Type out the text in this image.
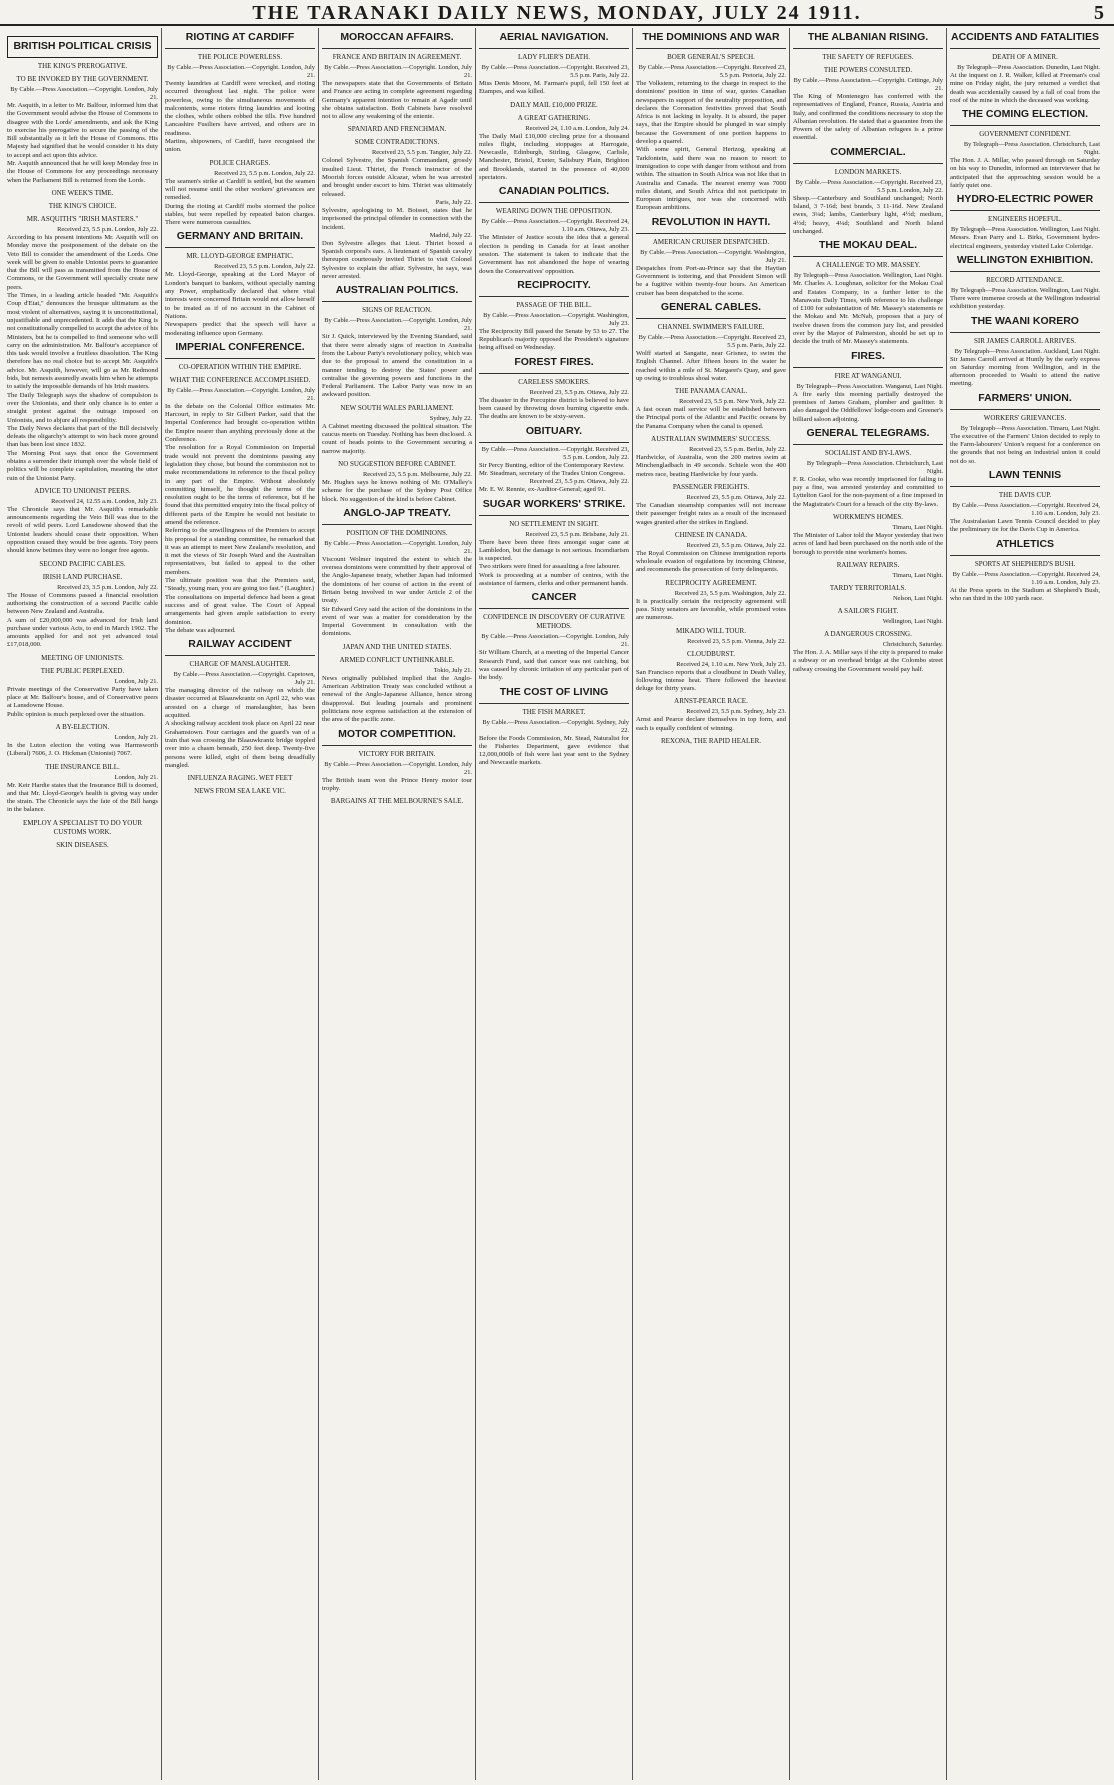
THE TARANAKI DAILY NEWS, MONDAY, JULY 24 1911.	5
BRITISH POLITICAL CRISIS
THE KING'S PREROGATIVE.
TO BE INVOKED BY THE GOVERNMENT.
By Cable.—Press Association.—Copyright. London, July 21.

Mr. Asquith, in a letter to Mr. Balfour, informed him that the Government would advise the House of Commons to disagree with the Lords' amendments, and ask the King to exercise his prerogative to secure the passing of the Bill substantially as it left the House of Commons. His Majesty had signified that he would consider it his duty to accept and act upon this advice.

Mr. Asquith announced that he will keep Monday free in the House of Commons for any proceedings necessary when the Parliament Bill is returned from the Lords.

ONE WEEK'S TIME.
THE KING'S CHOICE.
MR. ASQUITH'S "IRISH MASTERS."
Received 23, 5.5 p.m. London, July 22.

According to his present intentions Mr. Asquith will on Monday move the postponement of the debate on the Veto Bill to consider the amendment of the Lords. One week will be given to enable Unionist peers to guarantee that the Bill will pass as transmitted from the House of Commons, or the Government will specially create new peers.

The Times, in a leading article headed "Mr. Asquith's Coup d'Etat," denounces the brusque ultimatum as the most violent of alternatives, saying it is unconstitutional, unjustifiable and unprecedented. It adds that the King is not constitutionally compelled to accept the advice of his Ministers, but he is compelled to find someone who will carry on the administration. Mr. Balfour's acceptance of this task would involve a fruitless dissolution. The King therefore has no real choice but to accept Mr. Asquith's advice. Mr. Asquith, however, will go as Mr. Redmond bids, but nemesis assuredly awaits him when he attempts to satisfy the impossible demands of his Irish masters.

The Daily Telegraph says the shadow of compulsion is over the Unionists, and their only chance is to enter a straight protest against the outrage imposed on Unionists, and to abjure all responsibility.

The Daily News declares that part of the Bill decisively defeats the oligarchy's attempt to win back more ground than has been lost since 1832.

The Morning Post says that once the Government obtains a surrender their triumph over the whole field of politics will be complete capitulation, meaning the utter ruin of the Unionist Party.

ADVICE TO UNIONIST PEERS.
Received 24, 12.55 a.m. London, July 23.

The Chronicle says that Mr. Asquith's remarkable announcements regarding the Veto Bill was due to the revolt of wild peers. Lord Lansdowne showed that the Unionist leaders should cease their opposition. When opposition ceased they would be free agents. Tory peers should know betimes they were no longer free agents.

SECOND PACIFIC CABLES.
IRISH LAND PURCHASE.
Received 23, 3.5 p.m. London, July 22.

The House of Commons passed a financial resolution authorising the construction of a second Pacific cable between New Zealand and Australia.

A sum of £20,000,000 was advanced for Irish land purchase under various Acts, to end in March 1902. The amounts applied for and not yet advanced total £17,018,000.

MEETING OF UNIONISTS.
THE PUBLIC PERPLEXED.
London, July 21.

Private meetings of the Conservative Party have taken place at Mr. Balfour's house, and of Conservative peers at Lansdowne House.

Public opinion is much perplexed over the situation.

A BY-ELECTION.
London, July 21.

In the Luton election the voting was Harmsworth (Liberal) 7606, J. O. Hickman (Unionist) 7067.

THE INSURANCE BILL.
London, July 21.

Mr. Keir Hardie states that the Insurance Bill is doomed, and that Mr. Lloyd-George's health is giving way under the strain. The Chronicle says the fate of the Bill hangs in the balance.

EMPLOY A SPECIALIST TO DO YOUR CUSTOMS WORK.
SKIN DISEASES.
RIOTING AT CARDIFF
THE POLICE POWERLESS.
By Cable.—Press Association.—Copyright. London, July 21.

Twenty laundries at Cardiff were wrecked, and rioting occurred throughout last night. The police were powerless, owing to the simultaneous movements of malcontents, some rioters firing laundries and looting the clothes, while others robbed the tills. Five hundred Lancashire Fusiliers have arrived, and others are in readiness.

Martins, shipowners, of Cardiff, have recognised the union.

POLICE CHARGES.
Received 23, 5.5 p.m. London, July 22.

The seamen's strike at Cardiff is settled, but the seamen will not resume until the other workers' grievances are remedied.

During the rioting at Cardiff mobs stormed the police stables, but were repelled by repeated baton charges. There were numerous casualties.

GERMANY AND BRITAIN.
MR. LLOYD-GEORGE EMPHATIC.
Received 23, 5.5 p.m. London, July 22.

Mr. Lloyd-George, speaking at the Lord Mayor of London's banquet to bankers, without specially naming any Power, emphatically declared that where vital interests were concerned Britain would not allow herself to be treated as if of no account in the Cabinet of Nations.

Newspapers predict that the speech will have a moderating influence upon Germany.

IMPERIAL CONFERENCE.
CO-OPERATION WITHIN THE EMPIRE.
WHAT THE CONFERENCE ACCOMPLISHED.
By Cable.—Press Association.—Copyright. London, July 21.

In the debate on the Colonial Office estimates Mr. Harcourt, in reply to Sir Gilbert Parker, said that the Imperial Conference had brought co-operation within the Empire nearer than anything previously done at the Conference.

The resolution for a Royal Commission on Imperial trade would not prevent the dominions passing any legislation they chose, but bound the commission not to make recommendations in reference to the fiscal policy in any part of the Empire. Without absolutely committing himself, he thought the terms of the resolution ought to be the terms of reference, but if he found that this permitted enquiry into the fiscal policy of different parts of the Empire he would not hesitate to amend the reference.

Referring to the unwillingness of the Premiers to accept his proposal for a standing committee, he remarked that it was an attempt to meet New Zealand's resolution, and it met the views of Sir Joseph Ward and the Australian representatives, but failed to appeal to the other members.

The ultimate position was that the Premiers said, "Steady, young man, you are going too fast." (Laughter.)

The consultations on imperial defence had been a great success and of great value. The Court of Appeal arrangements had given ample satisfaction to every dominion.

The debate was adjourned.

RAILWAY ACCIDENT
CHARGE OF MANSLAUGHTER.
By Cable.—Press Association.—Copyright. Capetown, July 21.

The managing director of the railway on which the disaster occurred at Blaauwkrantz on April 22, who was arrested on a charge of manslaughter, has been acquitted.

A shocking railway accident took place on April 22 near Grahamstown. Four carriages and the guard's van of a train that was crossing the Blaauwkrantz bridge toppled over into a chasm beneath, 250 feet deep. Twenty-five persons were killed, eight of them being dreadfully mangled.

INFLUENZA RAGING. WET FEET
NEWS FROM SEA LAKE VIC.
MOROCCAN AFFAIRS.
FRANCE AND BRITAIN IN AGREEMENT.
By Cable.—Press Association.—Copyright. London, July 21.

The newspapers state that the Governments of Britain and France are acting in complete agreement regarding Germany's apparent intention to remain at Agadir until she obtains satisfaction. Both Cabinets have resolved not to allow any weakening of the entente.

SPANIARD AND FRENCHMAN.
SOME CONTRADICTIONS.
Received 23, 5.5 p.m. Tangier, July 22.

Colonel Sylvestre, the Spanish Commandant, grossly insulted Lieut. Thiriet, the French instructor of the Moorish forces outside Alcazar, when he was arrested and brought under escort to him. Thiriet was ultimately released.

Paris, July 22.

Sylvestre, apologising to M. Boisset, states that he imprisoned the principal offender in connection with the incident.

Madrid, July 22.

Don Sylvestre alleges that Lieut. Thiriet boxed a Spanish corporal's ears. A lieutenant of Spanish cavalry thereupon courteously invited Thiriet to visit Colonel Sylvestre to explain the affair. Sylvestre, he says, was never arrested.

AUSTRALIAN POLITICS.
SIGNS OF REACTION.
By Cable.—Press Association.—Copyright. London, July 21.

Sir J. Quick, interviewed by the Evening Standard, said that there were already signs of reaction in Australia from the Labour Party's revolutionary policy, which was due to the proposal to amend the constitution in a manner tending to destroy the States' power and centralise the governing powers and functions in the Federal Parliament. The Labor Party was now in an awkward position.

NEW SOUTH WALES PARLIAMENT.
Sydney, July 22.

A Cabinet meeting discussed the political situation. The caucus meets on Tuesday. Nothing has been disclosed. A count of heads points to the Government securing a narrow majority.

NO SUGGESTION BEFORE CABINET.
Received 23, 5.5 p.m. Melbourne, July 22.

Mr. Hughes says he knows nothing of Mr. O'Malley's scheme for the purchase of the Sydney Post Office block. No suggestion of the kind is before Cabinet.

ANGLO-JAP TREATY.
POSITION OF THE DOMINIONS.
By Cable.—Press Association.—Copyright. London, July 21.

Viscount Wolmer inquired the extent to which the oversea dominions were committed by their approval of the Anglo-Japanese treaty, whether Japan had informed the dominions of her course of action in the event of Britain being involved in war under Article 2 of the treaty.

Sir Edward Grey said the action of the dominions in the event of war was a matter for consideration by the Imperial Government in consultation with the dominions.

JAPAN AND THE UNITED STATES.
ARMED CONFLICT UNTHINKABLE.
Tokio, July 21.

News originally published implied that the Anglo-American Arbitration Treaty was concluded without a renewal of the Anglo-Japanese Alliance, hence strong disapproval. But leading journals and prominent politicians now express satisfaction at the extension of the area of the pacific zone.

MOTOR COMPETITION.
VICTORY FOR BRITAIN.
By Cable.—Press Association.—Copyright. London, July 21.

The British team won the Prince Henry motor tour trophy.

BARGAINS AT THE MELBOURNE'S SALE.
AERIAL NAVIGATION.
LADY FLIER'S DEATH.
By Cable.—Press Association.—Copyright. Received 23, 5.5 p.m. Paris, July 22.

Miss Denis Moore, M. Farman's pupil, fell 150 feet at Etampes, and was killed.

DAILY MAIL £10,000 PRIZE.
A GREAT GATHERING.
Received 24, 1.10 a.m. London, July 24.

The Daily Mail £10,000 circling prize for a thousand miles flight, including stoppages at Harrogate, Newcastle, Edinburgh, Stirling, Glasgow, Carlisle, Manchester, Bristol, Exeter, Salisbury Plain, Brighton and Brooklands, started in the presence of 40,000 spectators.

CANADIAN POLITICS.
WEARING DOWN THE OPPOSITION.
By Cable.—Press Association.—Copyright. Received 24, 1.10 a.m. Ottawa, July 23.

The Minister of Justice scouts the idea that a general election is pending in Canada for at least another session. The statement is taken to indicate that the Government has not abandoned the hope of wearing down the Conservatives' opposition.

RECIPROCITY.
PASSAGE OF THE BILL.
By Cable.—Press Association.—Copyright. Washington, July 23.

The Reciprocity Bill passed the Senate by 53 to 27. The Republican's majority opposed the President's signature being affixed on Wednesday.

FOREST FIRES.
CARELESS SMOKERS.
Received 23, 5.5 p.m. Ottawa, July 22.

The disaster in the Porcupine district is believed to have been caused by throwing down burning cigarette ends. The deaths are known to be sixty-seven.

OBITUARY.
By Cable.—Press Association.—Copyright. Received 23, 5.5 p.m. London, July 22.

Sir Percy Bunting, editor of the Contemporary Review.

Mr. Steadman, secretary of the Trades Union Congress.

Received 23, 5.5 p.m. Ottawa, July 22.

Mr. E. W. Rennie, ex-Auditor-General; aged 91.

SUGAR WORKERS' STRIKE.
NO SETTLEMENT IN SIGHT.
Received 23, 5.5 p.m. Brisbane, July 21.

There have been three fires amongst sugar cane at Lambledon, but the damage is not serious. Incendiarism is suspected.

Two strikers were fined for assaulting a free labourer.

Work is proceeding at a number of centres, with the assistance of farmers, clerks and other permanent hands.

CANCER
CONFIDENCE IN DISCOVERY OF CURATIVE METHODS.
By Cable.—Press Association.—Copyright. London, July 21.

Sir William Church, at a meeting of the Imperial Cancer Research Fund, said that cancer was not catching, but was caused by chronic irritation of any particular part of the body.

THE COST OF LIVING
THE FISH MARKET.
By Cable.—Press Association.—Copyright. Sydney, July 22.

Before the Foods Commission, Mr. Stead, Naturalist for the Fisheries Department, gave evidence that 12,000,000lb of fish were last year sent to the Sydney and Newcastle markets.

THE DOMINIONS AND WAR
BOER GENERAL'S SPEECH.
By Cable.—Press Association.—Copyright. Received 23, 5.5 p.m. Pretoria, July 22.

The Volkstem, returning to the charge in respect to the dominions' position in time of war, quotes Canadian newspapers in support of the neutrality proposition, and declares the Coronation festivities proved that South Africa is not lacking in loyalty. It is absurd, the paper says, that the Empire should be plunged in war simply because the Government of one portion happens to develop a quarrel.

With some spirit, General Hertzog, speaking at Tarkfontein, said there was no reason to resort to immigration to cope with danger from without and from within. The situation in South Africa was not like that in Australia and Canada. The nearest enemy was 7000 miles distant, and South Africa did not participate in European intrigues, nor was she concerned with European ambitions.

REVOLUTION IN HAYTI.
AMERICAN CRUISER DESPATCHED.
By Cable.—Press Association.—Copyright. Washington, July 21.

Despatches from Port-au-Prince say that the Haytian Government is tottering, and that President Simon will be a fugitive within twenty-four hours. An American cruiser has been despatched to the scene.

GENERAL CABLES.
CHANNEL SWIMMER'S FAILURE.
By Cable.—Press Association.—Copyright. Received 23, 5.5 p.m. Paris, July 22.

Wolff started at Sangatte, near Grisnez, to swim the English Channel. After fifteen hours in the water he reached within a mile of St. Margaret's Quay, and gave up owing to troublous shoal water.

THE PANAMA CANAL.
Received 23, 5.5 p.m. New York, July 22.

A fast ocean mail service will be established between the Principal ports of the Atlantic and Pacific oceans by the Panama Company when the canal is opened.

AUSTRALIAN SWIMMERS' SUCCESS.
Received 23, 5.5 p.m. Berlin, July 22.

Hardwicke, of Australia, won the 200 metres swim at Minchengladbach in 49 seconds. Schiele won the 400 metres race, beating Hardwicke by four yards.

PASSENGER FREIGHTS.
Received 23, 5.5 p.m. Ottawa, July 22.

The Canadian steamship companies will not increase their passenger freight rates as a result of the increased wages granted after the strikes in England.

CHINESE IN CANADA.
Received 23, 5.5 p.m. Ottawa, July 22.

The Royal Commission on Chinese immigration reports wholesale evasion of regulations by incoming Chinese, and recommends the prosecution of forty delinquents.

RECIPROCITY AGREEMENT.
Received 23, 5.5 p.m. Washington, July 22.

It is practically certain the reciprocity agreement will pass. Sixty senators are favorable, while promised votes are numerous.

MIKADO WILL TOUR.
Received 23, 5.5 p.m. Vienna, July 22.
CLOUDBURST.
Received 24, 1.10 a.m. New York, July 23.

San Francisco reports that a cloudburst in Death Valley, following intense heat. There followed the heaviest deluge for thirty years.

ARNST-PEARCE RACE.
Received 23, 5.5 p.m. Sydney, July 23.

Arnst and Pearce declare themselves in top form, and each is equally confident of winning.

REXONA, THE RAPID HEALER.
THE ALBANIAN RISING.
THE SAFETY OF REFUGEES.
THE POWERS CONSULTED.
By Cable.—Press Association.—Copyright. Cettinge, July 21.

The King of Montenegro has conferred with the representatives of England, France, Russia, Austria and Italy, and confirmed the conditions necessary to stop the Albanian revolution. He stated that a guarantee from the Powers of the safety of Albanian refugees is a prime essential.

COMMERCIAL.
LONDON MARKETS.
By Cable.—Press Association.—Copyright. Received 23, 5.5 p.m. London, July 22.

Sheep.—Canterbury and Southland unchanged; North Island, 3 7-16d; best brands, 3 11-16d. New Zealand ewes, 3¼d; lambs, Canterbury light, 4½d; medium, 4½d; heavy, 4¼d; Southland and North Island unchanged.

THE MOKAU DEAL.
A CHALLENGE TO MR. MASSEY.
By Telegraph—Press Association. Wellington, Last Night.

Mr. Charles A. Loughnan, solicitor for the Mokau Coal and Estates Company, in a further letter to the Manawatu Daily Times, with reference to his challenge of £100 for substantiation of Mr. Massey's statements re the Mokau and Mr. McNab, proposes that a jury of twelve drawn from the common jury list, and presided over by the Mayor of Palmerston, should be set up to decide the truth of Mr. Massey's statements.

FIRES.
FIRE AT WANGANUI.
By Telegraph—Press Association. Wanganui, Last Night.

A fire early this morning partially destroyed the premises of James Graham, plumber and gasfitter. It also damaged the Oddfellows' lodge-room and Greener's billiard saloon adjoining.

GENERAL TELEGRAMS.
SOCIALIST AND BY-LAWS.
By Telegraph—Press Association. Christchurch, Last Night.

F. R. Cooke, who was recently imprisoned for failing to pay a fine, was arrested yesterday and committed to Lyttelton Gaol for the non-payment of a fine imposed in the Magistrate's Court for a breach of the city By-laws.

WORKMEN'S HOMES.
Timaru, Last Night.

The Minister of Labor told the Mayor yesterday that two acres of land had been purchased on the north side of the borough to provide nine workmen's homes.

RAILWAY REPAIRS.
Timaru, Last Night.
TARDY TERRITORIALS.
Nelson, Last Night.
A SAILOR'S FIGHT.
Wellington, Last Night.
A DANGEROUS CROSSING.
Christchurch, Saturday.

The Hon. J. A. Millar says if the city is prepared to make a subway or an overhead bridge at the Colombo street railway crossing the Government would pay half.

ACCIDENTS AND FATALITIES
DEATH OF A MINER.
By Telegraph—Press Association. Dunedin, Last Night.

At the inquest on J. R. Walker, killed at Freeman's coal mine on Friday night, the jury returned a verdict that death was accidentally caused by a fall of coal from the roof of the mine in which the deceased was working.

THE COMING ELECTION.
GOVERNMENT CONFIDENT.
By Telegraph—Press Association. Christchurch, Last Night.

The Hon. J. A. Millar, who passed through on Saturday on his way to Dunedin, informed an interviewer that he anticipated that the approaching session would be a fairly quiet one.

HYDRO-ELECTRIC POWER
ENGINEERS HOPEFUL.
By Telegraph—Press Association. Wellington, Last Night.

Messrs. Evan Parry and L. Birks, Government hydro-electrical engineers, yesterday visited Lake Coleridge.

WELLINGTON EXHIBITION.
RECORD ATTENDANCE.
By Telegraph—Press Association. Wellington, Last Night.

There were immense crowds at the Wellington industrial exhibition yesterday.

THE WAANI KORERO
SIR JAMES CARROLL ARRIVES.
By Telegraph—Press Association. Auckland, Last Night.

Sir James Carroll arrived at Huntly by the early express on Saturday morning from Wellington, and in the afternoon proceeded to Waahi to attend the native meeting.

FARMERS' UNION.
WORKERS' GRIEVANCES.
By Telegraph—Press Association. Timaru, Last Night.

The executive of the Farmers' Union decided to reply to the Farm-labourers' Union's request for a conference on the grounds that not being an industrial union it could not do so.

LAWN TENNIS
THE DAVIS CUP.
By Cable.—Press Association.—Copyright. Received 24, 1.10 a.m. London, July 23.

The Australasian Lawn Tennis Council decided to play the preliminary tie for the Davis Cup in America.

ATHLETICS
SPORTS AT SHEPHERD'S BUSH.
By Cable.—Press Association.—Copyright. Received 24, 1.10 a.m. London, July 23.

At the Press sports in the Stadium at Shepherd's Bush, who ran third in the 100 yards race.
